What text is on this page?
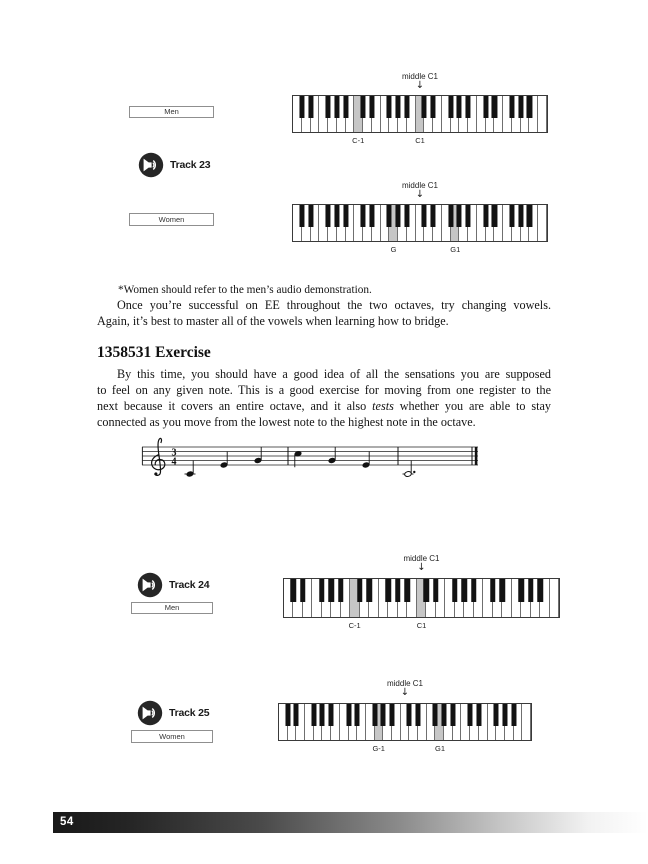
Men
middle C1
↓
C-1	C1
Track 23
Women
middle C1
↓
G	G1
*Women should refer to the men’s audio demonstration.
Once you’re successful on EE throughout the two octaves, try changing vowels.
Again, it’s best to master all of the vowels when learning how to bridge.
1358531 Exercise
By this time, you should have a good idea of all the sensations you are supposed
to feel on any given note. This is a good exercise for moving from one register to the
next because it covers an entire octave, and it also tests whether you are able to stay
connected as you move from the lowest note to the highest note in the octave.
3
4
Track 24
Men
middle C1
↓
C-1	C1
Track 25
Women
middle C1
↓
G-1	G1
54
